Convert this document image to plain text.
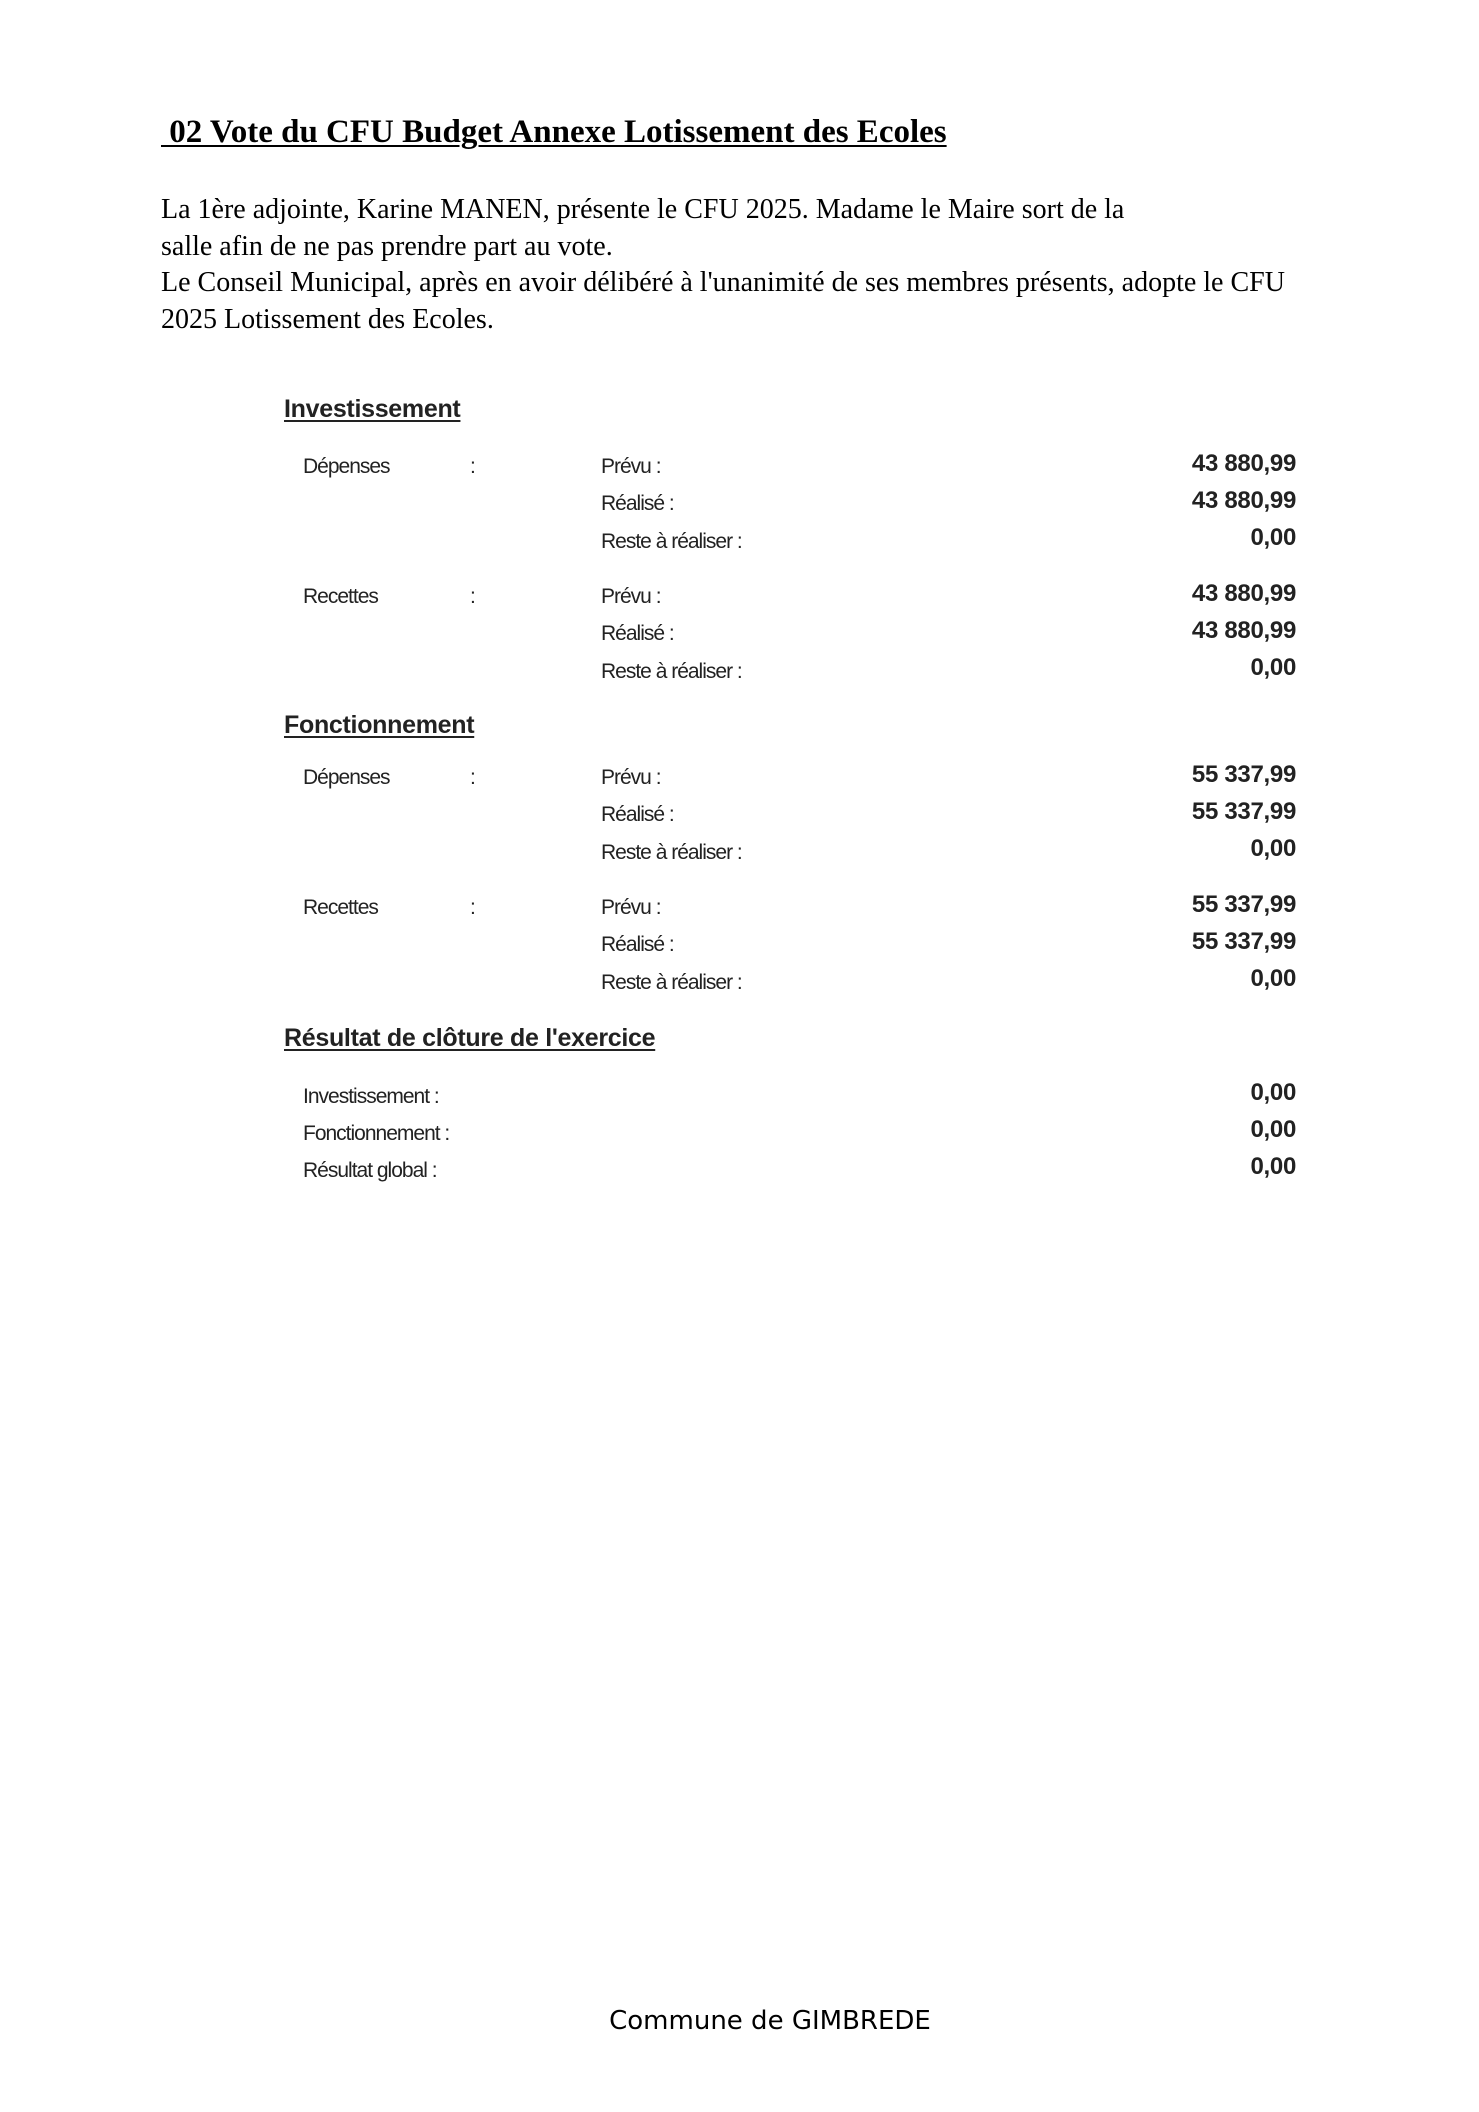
02 Vote du CFU Budget Annexe Lotissement des Ecoles
La 1ère adjointe, Karine MANEN, présente le CFU 2025. Madame le Maire sort de la
salle afin de ne pas prendre part au vote.
Le Conseil Municipal, après en avoir délibéré à l'unanimité de ses membres présents, adopte le CFU
2025 Lotissement des Ecoles.
Investissement
Dépenses	:	Prévu :	43 880,99
Réalisé :	43 880,99
Reste à réaliser :	0,00
Recettes	:	Prévu :	43 880,99
Réalisé :	43 880,99
Reste à réaliser :	0,00
Fonctionnement
Dépenses	:	Prévu :	55 337,99
Réalisé :	55 337,99
Reste à réaliser :	0,00
Recettes	:	Prévu :	55 337,99
Réalisé :	55 337,99
Reste à réaliser :	0,00
Résultat de clôture de l'exercice
Investissement :	0,00
Fonctionnement :	0,00
Résultat global :	0,00
Commune de GIMBREDE
